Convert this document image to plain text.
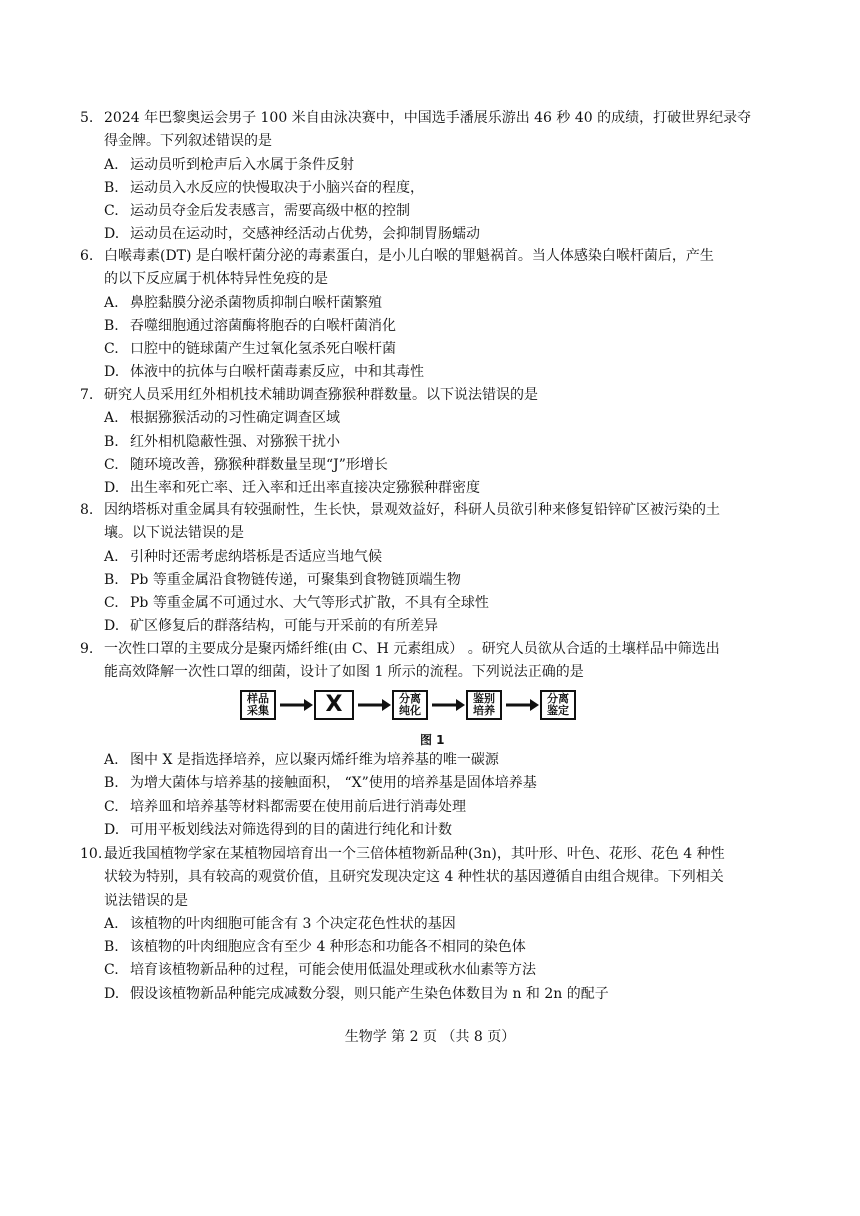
5. 2024 年巴黎奥运会男子 100 米自由泳决赛中，中国选手潘展乐游出 46 秒 40 的成绩，打破世界纪录夺
得金牌。下列叙述错误的是
A. 运动员听到枪声后入水属于条件反射
B. 运动员入水反应的快慢取决于小脑兴奋的程度，
C. 运动员夺金后发表感言，需要高级中枢的控制
D. 运动员在运动时，交感神经活动占优势，会抑制胃肠蠕动
6. 白喉毒素(DT) 是白喉杆菌分泌的毒素蛋白，是小儿白喉的罪魁祸首。当人体感染白喉杆菌后，产生
的以下反应属于机体特异性免疫的是
A. 鼻腔黏膜分泌杀菌物质抑制白喉杆菌繁殖
B. 吞噬细胞通过溶菌酶将胞吞的白喉杆菌消化
C. 口腔中的链球菌产生过氧化氢杀死白喉杆菌
D. 体液中的抗体与白喉杆菌毒素反应，中和其毒性
7. 研究人员采用红外相机技术辅助调查猕猴种群数量。以下说法错误的是
A. 根据猕猴活动的习性确定调查区域
B. 红外相机隐蔽性强、对猕猴干扰小
C. 随环境改善，猕猴种群数量呈现“J”形增长
D. 出生率和死亡率、迁入率和迁出率直接决定猕猴种群密度
8. 因纳塔栎对重金属具有较强耐性，生长快，景观效益好，科研人员欲引种来修复铅锌矿区被污染的土
壤。以下说法错误的是
A. 引种时还需考虑纳塔栎是否适应当地气候
B. Pb 等重金属沿食物链传递，可聚集到食物链顶端生物
C. Pb 等重金属不可通过水、大气等形式扩散，不具有全球性
D. 矿区修复后的群落结构，可能与开采前的有所差异
9. 一次性口罩的主要成分是聚丙烯纤维(由 C、H 元素组成） 。研究人员欲从合适的土壤样品中筛选出
能高效降解一次性口罩的细菌，设计了如图 1 所示的流程。下列说法正确的是
样品采集	X	分离纯化
鉴别培养
分离鉴定
图 1
A. 图中 X 是指选择培养，应以聚丙烯纤维为培养基的唯一碳源
B. 为增大菌体与培养基的接触面积， “X”使用的培养基是固体培养基
C. 培养皿和培养基等材料都需要在使用前后进行消毒处理
D. 可用平板划线法对筛选得到的目的菌进行纯化和计数
10. 最近我国植物学家在某植物园培育出一个三倍体植物新品种(3n)，其叶形、叶色、花形、花色 4 种性
状较为特别，具有较高的观赏价值，且研究发现决定这 4 种性状的基因遵循自由组合规律。下列相关
说法错误的是
A. 该植物的叶肉细胞可能含有 3 个决定花色性状的基因
B. 该植物的叶肉细胞应含有至少 4 种形态和功能各不相同的染色体
C. 培育该植物新品种的过程，可能会使用低温处理或秋水仙素等方法
D. 假设该植物新品种能完成减数分裂，则只能产生染色体数目为 n 和 2n 的配子
生物学 第 2 页 （共 8 页）
